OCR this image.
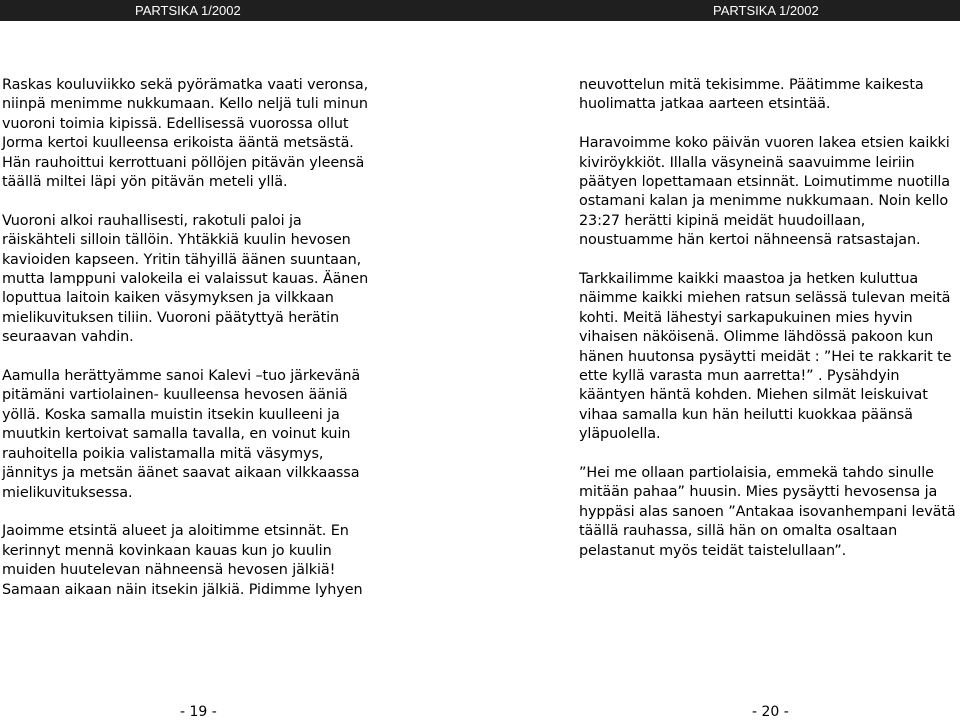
PARTSIKA 1/2002	PARTSIKA 1/2002

Raskas kouluviikko sekä pyörämatka vaati veronsa,
niinpä menimme nukkumaan. Kello neljä tuli minun
vuoroni toimia kipissä. Edellisessä vuorossa ollut
Jorma kertoi kuulleensa erikoista ääntä metsästä.
Hän rauhoittui kerrottuani pöllöjen pitävän yleensä
täällä miltei läpi yön pitävän meteli yllä.

Vuoroni alkoi rauhallisesti, rakotuli paloi ja
räiskähteli silloin tällöin. Yhtäkkiä kuulin hevosen
kavioiden kapseen. Yritin tähyillä äänen suuntaan,
mutta lamppuni valokeila ei valaissut kauas. Äänen
loputtua laitoin kaiken väsymyksen ja vilkkaan
mielikuvituksen tiliin. Vuoroni päätyttyä herätin
seuraavan vahdin.

Aamulla herättyämme sanoi Kalevi –tuo järkevänä
pitämäni vartiolainen- kuulleensa hevosen ääniä
yöllä. Koska samalla muistin itsekin kuulleeni ja
muutkin kertoivat samalla tavalla, en voinut kuin
rauhoitella poikia valistamalla mitä väsymys,
jännitys ja metsän äänet saavat aikaan vilkkaassa
mielikuvituksessa.

Jaoimme etsintä alueet ja aloitimme etsinnät. En
kerinnyt mennä kovinkaan kauas kun jo kuulin
muiden huutelevan nähneensä hevosen jälkiä!
Samaan aikaan näin itsekin jälkiä. Pidimme lyhyen

neuvottelun mitä tekisimme. Päätimme kaikesta
huolimatta jatkaa aarteen etsintää.

Haravoimme koko päivän vuoren lakea etsien kaikki
kiviröykkiöt. Illalla väsyneinä saavuimme leiriin
päätyen lopettamaan etsinnät. Loimutimme nuotilla
ostamani kalan ja menimme nukkumaan. Noin kello
23:27 herätti kipinä meidät huudoillaan,
noustuamme hän kertoi nähneensä ratsastajan.

Tarkkailimme kaikki maastoa ja hetken kuluttua
näimme kaikki miehen ratsun selässä tulevan meitä
kohti. Meitä lähestyi sarkapukuinen mies hyvin
vihaisen näköisenä. Olimme lähdössä pakoon kun
hänen huutonsa pysäytti meidät : ”Hei te rakkarit te
ette kyllä varasta mun aarretta!” . Pysähdyin
kääntyen häntä kohden. Miehen silmät leiskuivat
vihaa samalla kun hän heilutti kuokkaa päänsä
yläpuolella.

”Hei me ollaan partiolaisia, emmekä tahdo sinulle
mitään pahaa” huusin. Mies pysäytti hevosensa ja
hyppäsi alas sanoen ”Antakaa isovanhempani levätä
täällä rauhassa, sillä hän on omalta osaltaan
pelastanut myös teidät taistelullaan”.

- 19 -	- 20 -
